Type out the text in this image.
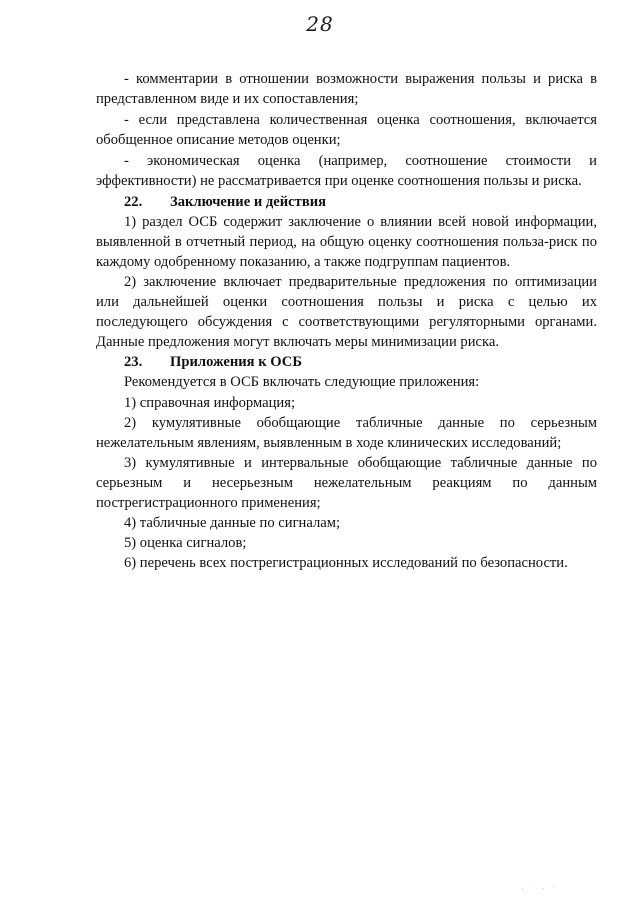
28

- комментарии в отношении возможности выражения пользы и риска в представленном виде и их сопоставления;

- если представлена количественная оценка соотношения, включается обобщенное описание методов оценки;

- экономическая оценка (например, соотношение стоимости и эффективности) не рассматривается при оценке соотношения пользы и риска.

22. Заключение и действия

1) раздел ОСБ содержит заключение о влиянии всей новой информации, выявленной в отчетный период, на общую оценку соотношения польза-риск по каждому одобренному показанию, а также подгруппам пациентов.

2) заключение включает предварительные предложения по оптимизации или дальнейшей оценки соотношения пользы и риска с целью их последующего обсуждения с соответствующими регуляторными органами. Данные предложения могут включать меры минимизации риска.

23. Приложения к ОСБ

Рекомендуется в ОСБ включать следующие приложения:

1) справочная информация;

2) кумулятивные обобщающие табличные данные по серьезным нежелательным явлениям, выявленным в ходе клинических исследований;

3) кумулятивные и интервальные обобщающие табличные данные по серьезным и несерьезным нежелательным реакциям по данным пострегистрационного применения;

4) табличные данные по сигналам;

5) оценка сигналов;

6) перечень всех пострегистрационных исследований по безопасности.

. · . ·
